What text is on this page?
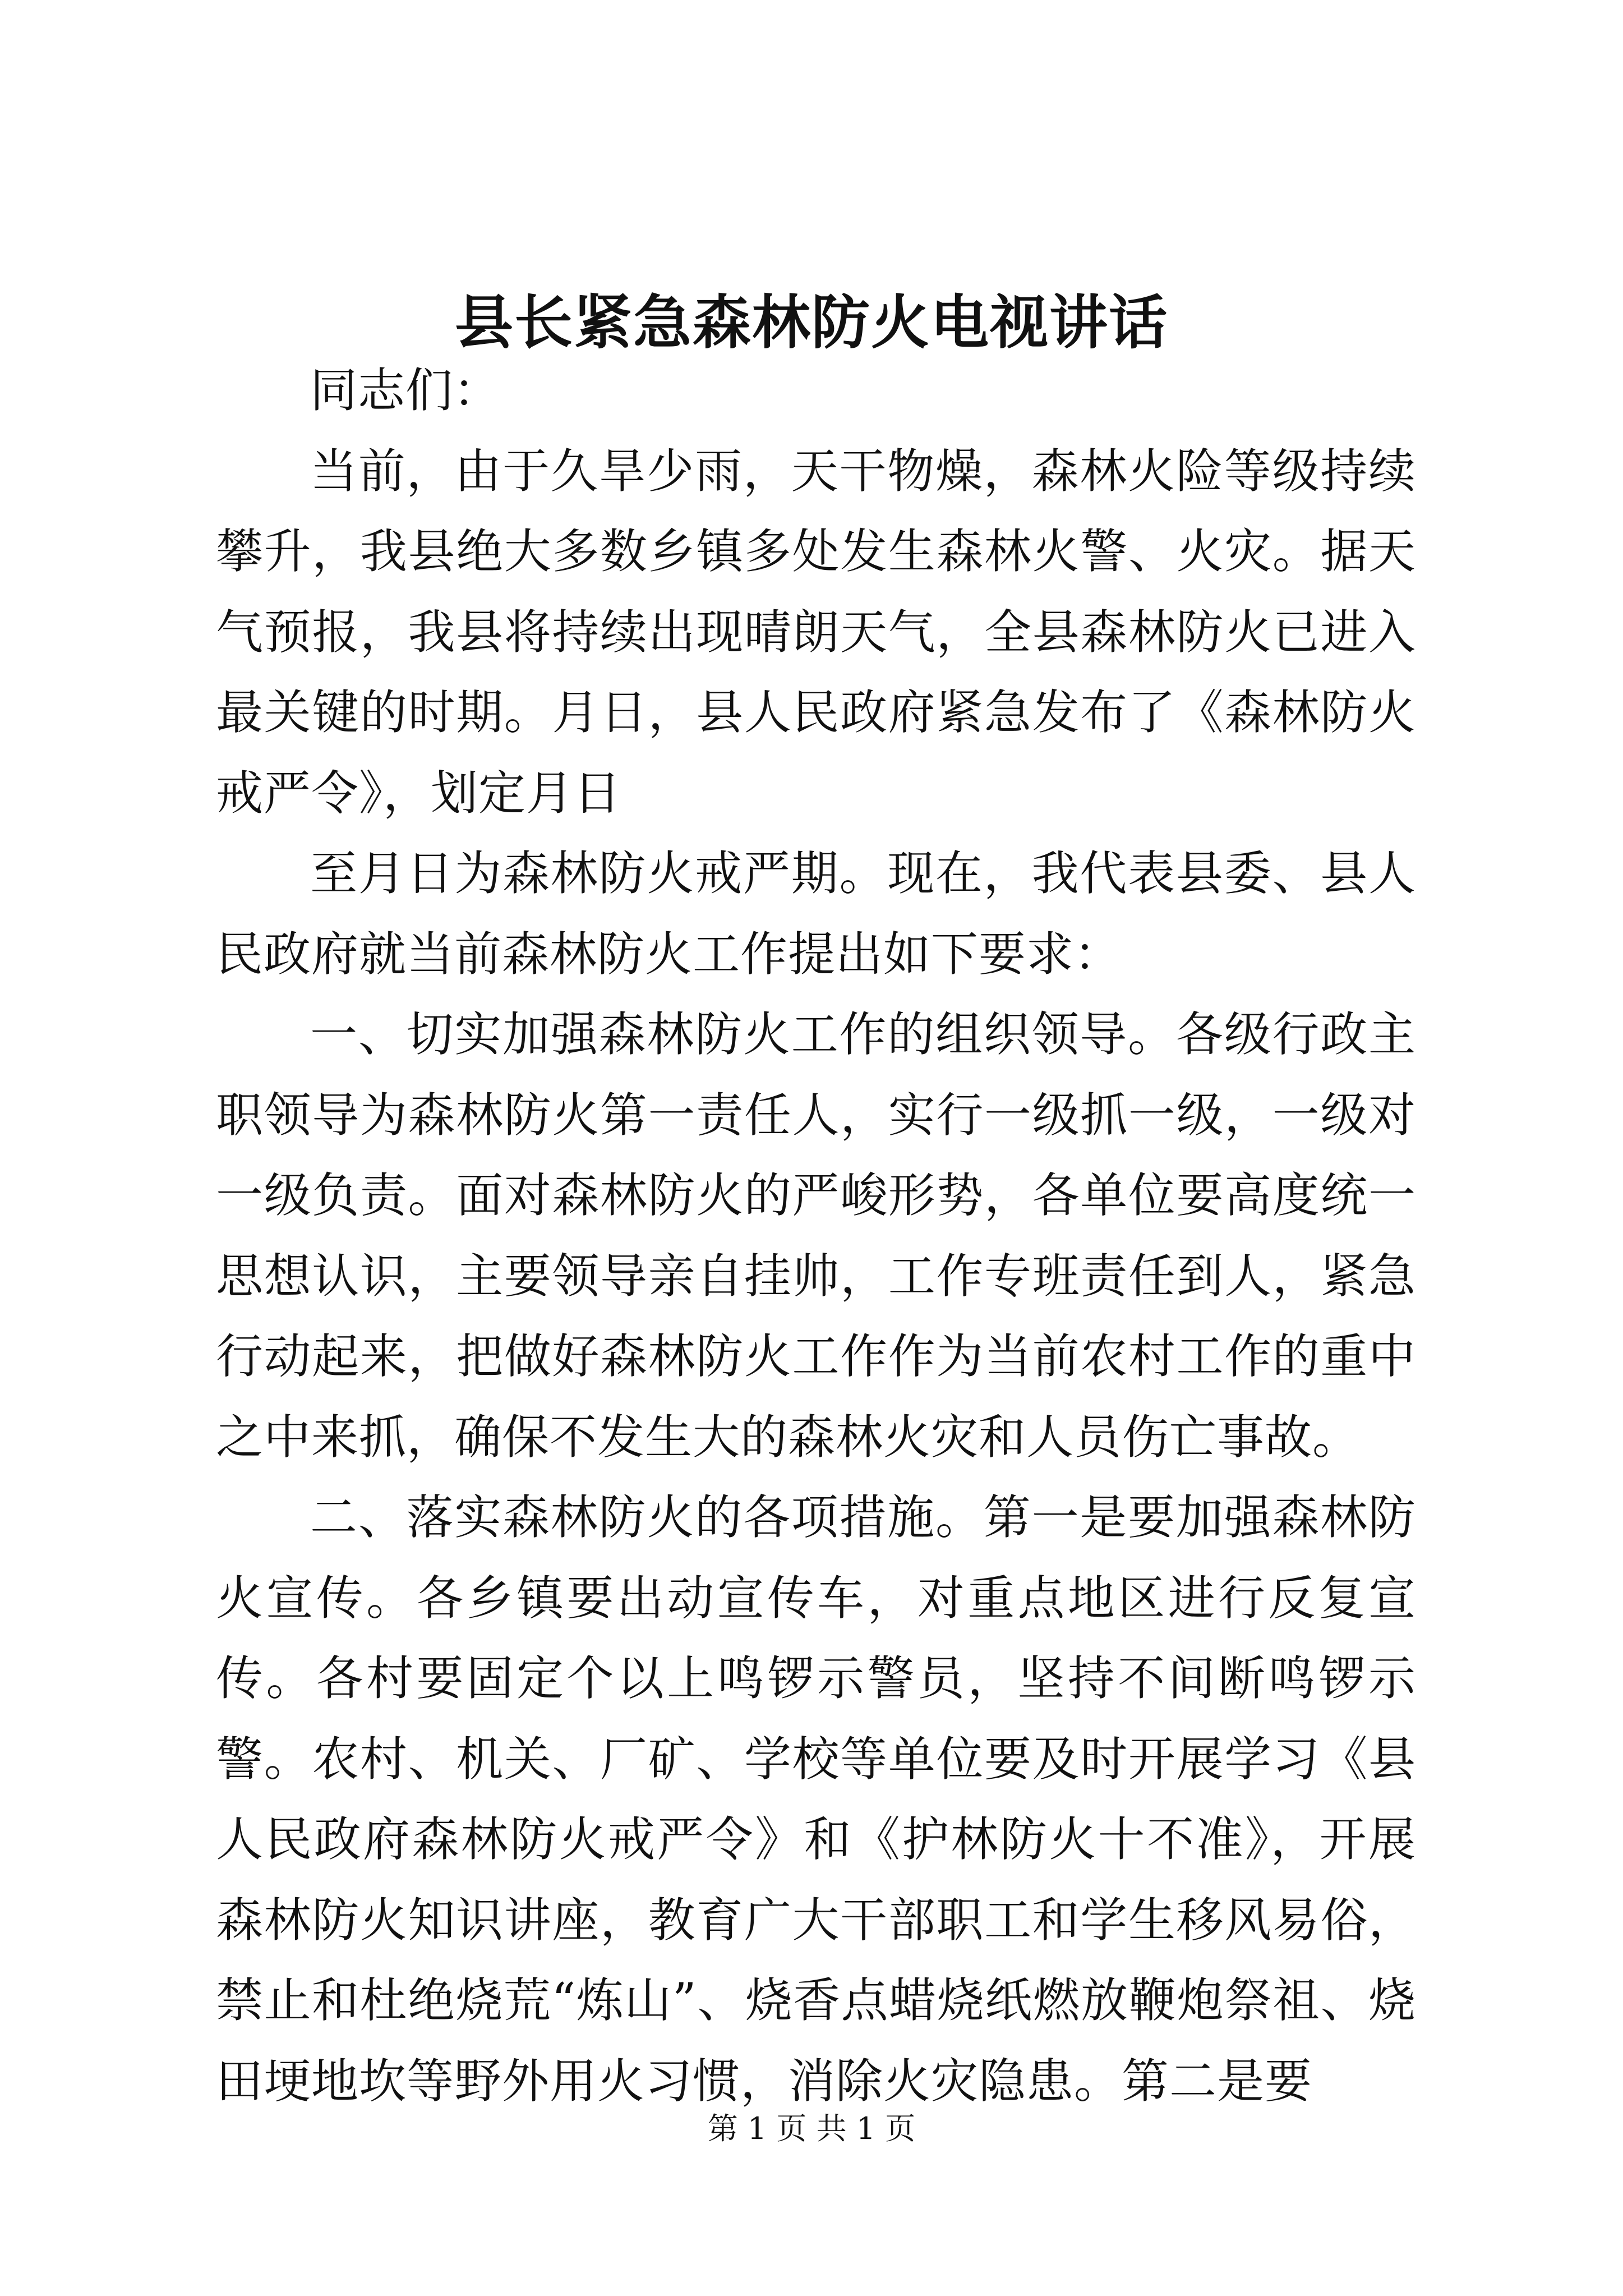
县长紧急森林防火电视讲话

同志们：

当前，由于久旱少雨，天干物燥，森林火险等级持续攀升，我县绝大多数乡镇多处发生森林火警、火灾。据天气预报，我县将持续出现晴朗天气，全县森林防火已进入最关键的时期。月日，县人民政府紧急发布了《森林防火戒严令》，划定月日

至月日为森林防火戒严期。现在，我代表县委、县人民政府就当前森林防火工作提出如下要求：

一、切实加强森林防火工作的组织领导。各级行政主职领导为森林防火第一责任人，实行一级抓一级，一级对一级负责。面对森林防火的严峻形势，各单位要高度统一思想认识，主要领导亲自挂帅，工作专班责任到人，紧急行动起来，把做好森林防火工作作为当前农村工作的重中之中来抓，确保不发生大的森林火灾和人员伤亡事故。

二、落实森林防火的各项措施。第一是要加强森林防火宣传。各乡镇要出动宣传车，对重点地区进行反复宣传。各村要固定个以上鸣锣示警员，坚持不间断鸣锣示警。农村、机关、厂矿、学校等单位要及时开展学习《县人民政府森林防火戒严令》和《护林防火十不准》，开展森林防火知识讲座，教育广大干部职工和学生移风易俗，禁止和杜绝烧荒“炼山”、烧香点蜡烧纸燃放鞭炮祭祖、烧田埂地坎等野外用火习惯，消除火灾隐患。第二是要

第 1 页 共 1 页
